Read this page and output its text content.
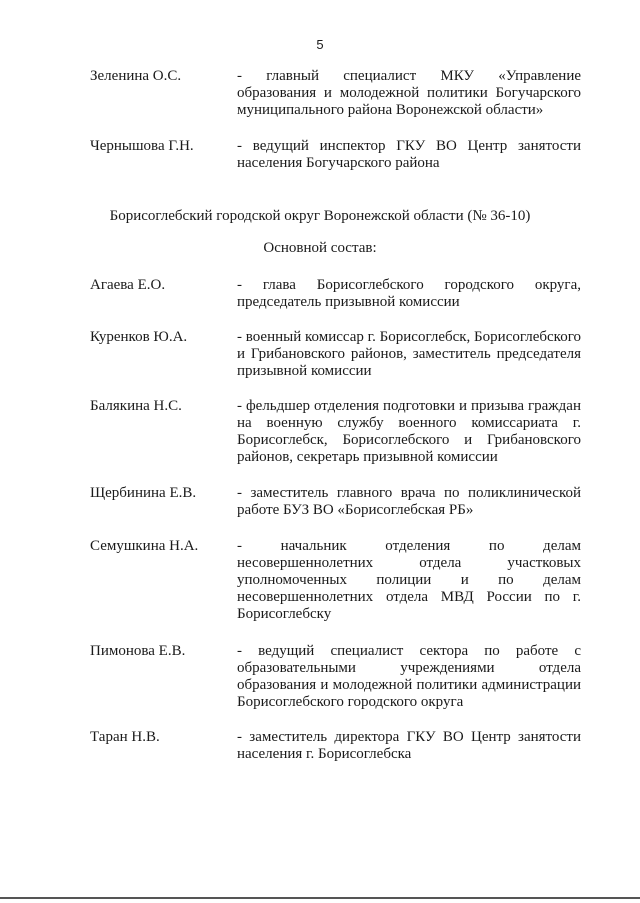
5
Зеленина О.С.	- главный специалист МКУ «Управление образования и молодежной политики Богучарского муниципального района Воронежской области»
Чернышова Г.Н.	- ведущий инспектор ГКУ ВО Центр занятости населения Богучарского района
Борисоглебский городской округ Воронежской области (№ 36-10)
Основной состав:
Агаева Е.О.	- глава Борисоглебского городского округа, председатель призывной комиссии
Куренков Ю.А.	- военный комиссар г. Борисоглебск, Борисоглебского и Грибановского районов, заместитель председателя призывной комиссии
Балякина Н.С.	- фельдшер отделения подготовки и призыва граждан на военную службу военного комиссариата г. Борисоглебск, Борисоглебского и Грибановского районов, секретарь призывной комиссии
Щербинина Е.В.	- заместитель главного врача по поликлинической работе БУЗ ВО «Борисоглебская РБ»
Семушкина Н.А.	- начальник отделения по делам несовершеннолетних отдела участковых уполномоченных полиции и по делам несовершеннолетних отдела МВД России по г. Борисоглебску
Пимонова Е.В.	- ведущий специалист сектора по работе с образовательными учреждениями отдела образования и молодежной политики администрации Борисоглебского городского округа
Таран Н.В.	- заместитель директора ГКУ ВО Центр занятости населения г. Борисоглебска
